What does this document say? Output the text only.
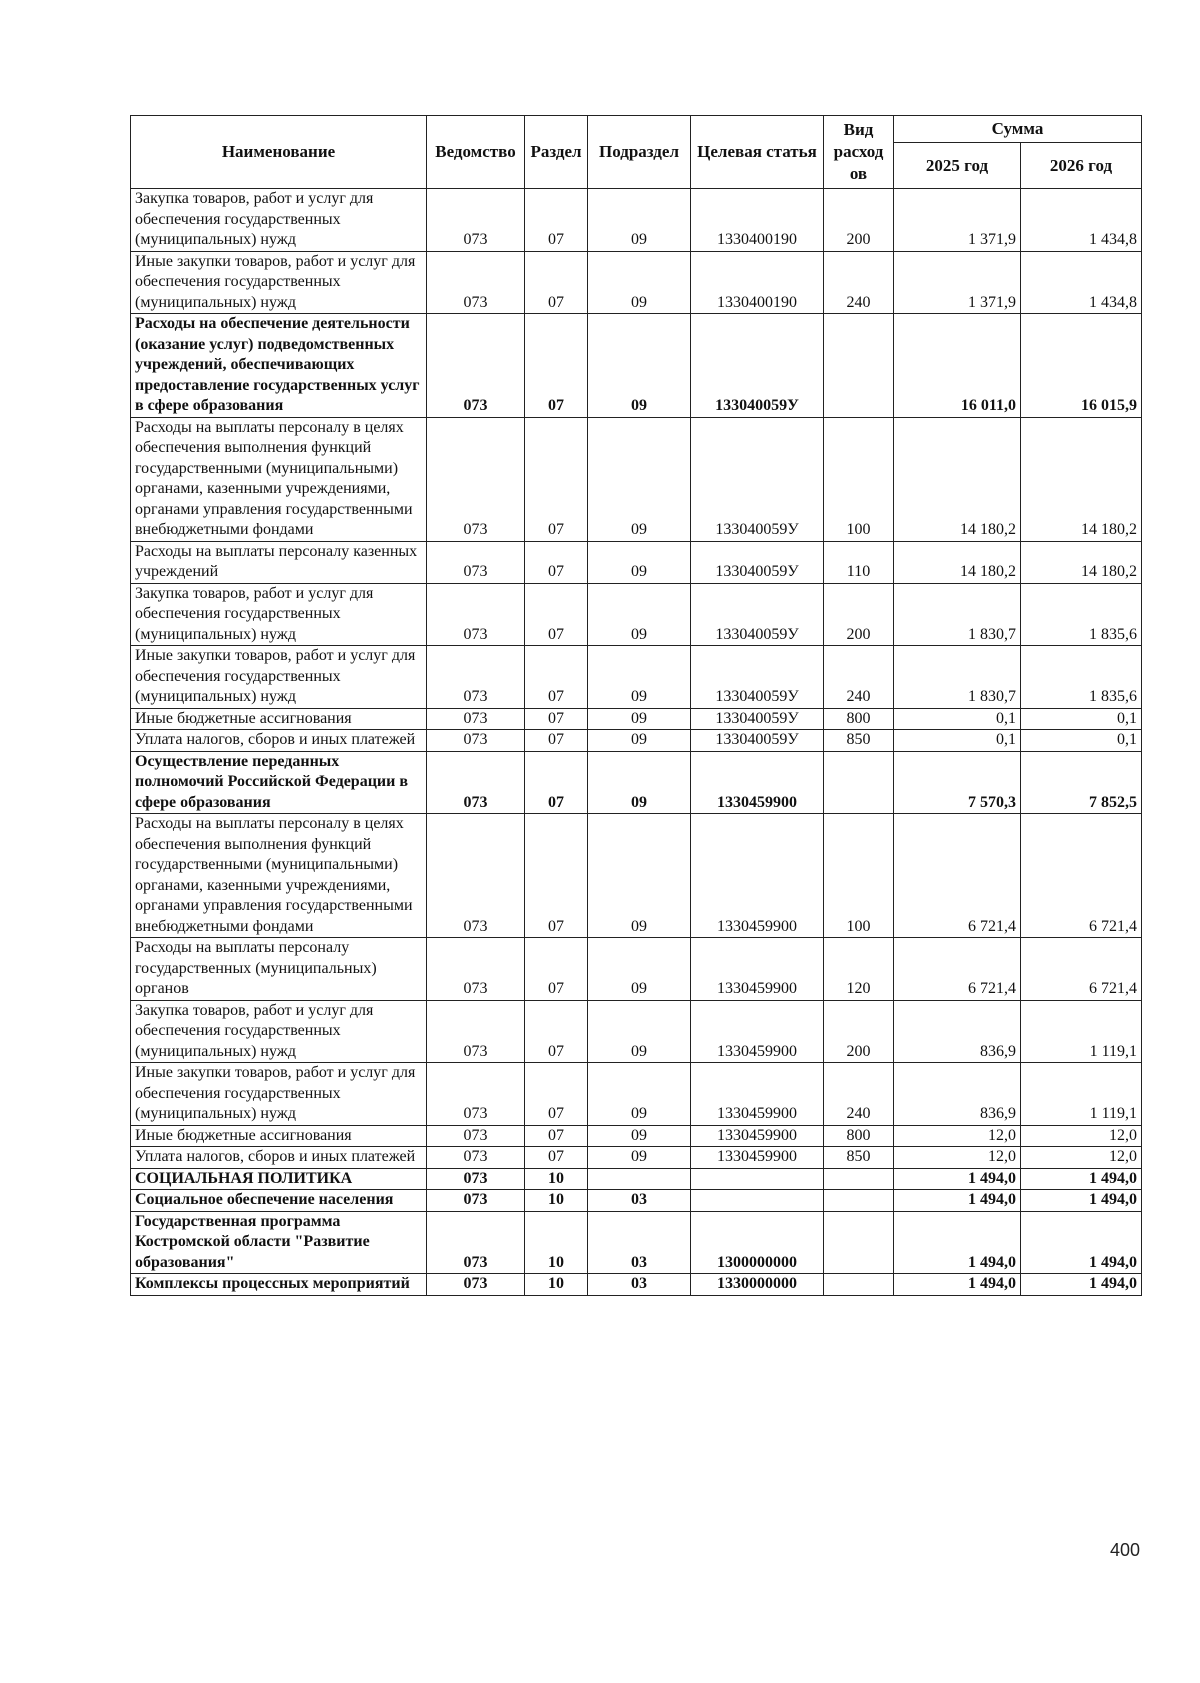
Наименование	Ведомство	Раздел	Подраздел	Целевая статья	Вид расход ов	Сумма	
						2025 год	2026 год
Закупка товаров, работ и услуг для обеспечения государственных (муниципальных) нужд	073	07	09	1330400190	200	1 371,9	1 434,8
Иные закупки товаров, работ и услуг для обеспечения государственных (муниципальных) нужд	073	07	09	1330400190	240	1 371,9	1 434,8
Расходы на обеспечение деятельности (оказание услуг) подведомственных учреждений, обеспечивающих предоставление государственных услуг в сфере образования	073	07	09	133040059У		16 011,0	16 015,9
Расходы на выплаты персоналу в целях обеспечения выполнения функций государственными (муниципальными) органами, казенными учреждениями, органами управления государственными внебюджетными фондами	073	07	09	133040059У	100	14 180,2	14 180,2
Расходы на выплаты персоналу казенных учреждений	073	07	09	133040059У	110	14 180,2	14 180,2
Закупка товаров, работ и услуг для обеспечения государственных (муниципальных) нужд	073	07	09	133040059У	200	1 830,7	1 835,6
Иные закупки товаров, работ и услуг для обеспечения государственных (муниципальных) нужд	073	07	09	133040059У	240	1 830,7	1 835,6
Иные бюджетные ассигнования	073	07	09	133040059У	800	0,1	0,1
Уплата налогов, сборов и иных платежей	073	07	09	133040059У	850	0,1	0,1
Осуществление переданных полномочий Российской Федерации в сфере образования	073	07	09	1330459900		7 570,3	7 852,5
Расходы на выплаты персоналу в целях обеспечения выполнения функций государственными (муниципальными) органами, казенными учреждениями, органами управления государственными внебюджетными фондами	073	07	09	1330459900	100	6 721,4	6 721,4
Расходы на выплаты персоналу государственных (муниципальных) органов	073	07	09	1330459900	120	6 721,4	6 721,4
Закупка товаров, работ и услуг для обеспечения государственных (муниципальных) нужд	073	07	09	1330459900	200	836,9	1 119,1
Иные закупки товаров, работ и услуг для обеспечения государственных (муниципальных) нужд	073	07	09	1330459900	240	836,9	1 119,1
Иные бюджетные ассигнования	073	07	09	1330459900	800	12,0	12,0
Уплата налогов, сборов и иных платежей	073	07	09	1330459900	850	12,0	12,0
СОЦИАЛЬНАЯ ПОЛИТИКА	073	10				1 494,0	1 494,0
Социальное обеспечение населения	073	10	03			1 494,0	1 494,0
Государственная программа Костромской области "Развитие образования"	073	10	03	1300000000		1 494,0	1 494,0
Комплексы процессных мероприятий	073	10	03	1330000000		1 494,0	1 494,0
400
